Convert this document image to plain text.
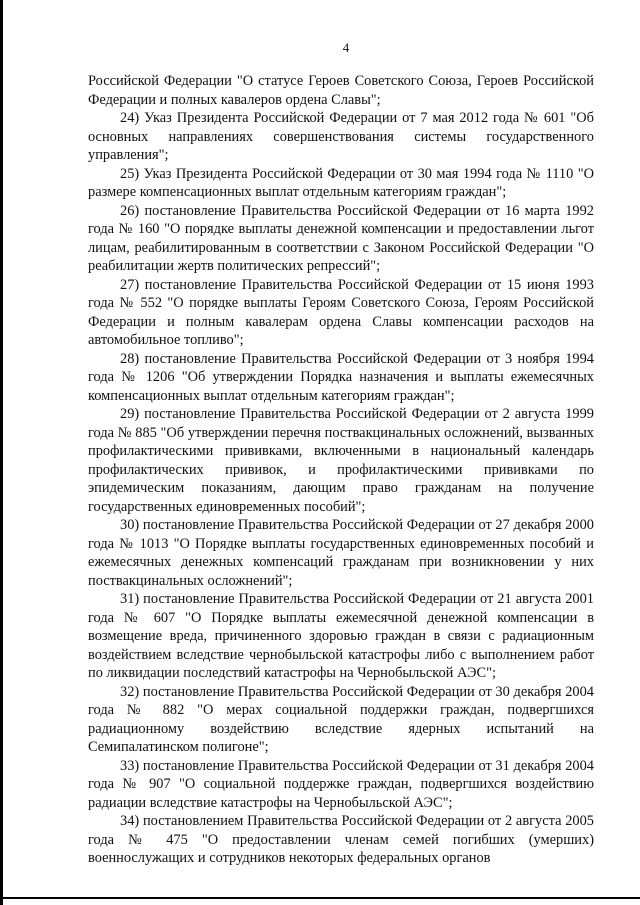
4

Российской Федерации "О статусе Героев Советского Союза, Героев Российской Федерации и полных кавалеров ордена Славы";

24) Указ Президента Российской Федерации от 7 мая 2012 года № 601 "Об основных направлениях совершенствования системы государственного управления";

25) Указ Президента Российской Федерации от 30 мая 1994 года № 1110 "О размере компенсационных выплат отдельным категориям граждан";

26) постановление Правительства Российской Федерации от 16 марта 1992 года № 160 "О порядке выплаты денежной компенсации и предоставлении льгот лицам, реабилитированным в соответствии с Законом Российской Федерации "О реабилитации жертв политических репрессий";

27) постановление Правительства Российской Федерации от 15 июня 1993 года № 552 "О порядке выплаты Героям Советского Союза, Героям Российской Федерации и полным кавалерам ордена Славы компенсации расходов на автомобильное топливо";

28) постановление Правительства Российской Федерации от 3 ноября 1994 года № 1206 "Об утверждении Порядка назначения и выплаты ежемесячных компенсационных выплат отдельным категориям граждан";

29) постановление Правительства Российской Федерации от 2 августа 1999 года № 885 "Об утверждении перечня поствакцинальных осложнений, вызванных профилактическими прививками, включенными в национальный календарь профилактических прививок, и профилактическими прививками по эпидемическим показаниям, дающим право гражданам на получение государственных единовременных пособий";

30) постановление Правительства Российской Федерации от 27 декабря 2000 года № 1013 "О Порядке выплаты государственных единовременных пособий и ежемесячных денежных компенсаций гражданам при возникновении у них поствакцинальных осложнений";

31) постановление Правительства Российской Федерации от 21 августа 2001 года № 607 "О Порядке выплаты ежемесячной денежной компенсации в возмещение вреда, причиненного здоровью граждан в связи с радиационным воздействием вследствие чернобыльской катастрофы либо с выполнением работ по ликвидации последствий катастрофы на Чернобыльской АЭС";

32) постановление Правительства Российской Федерации от 30 декабря 2004 года № 882 "О мерах социальной поддержки граждан, подвергшихся радиационному воздействию вследствие ядерных испытаний на Семипалатинском полигоне";

33) постановление Правительства Российской Федерации от 31 декабря 2004 года № 907 "О социальной поддержке граждан, подвергшихся воздействию радиации вследствие катастрофы на Чернобыльской АЭС";

34) постановлением Правительства Российской Федерации от 2 августа 2005 года № 475 "О предоставлении членам семей погибших (умерших) военнослужащих и сотрудников некоторых федеральных органов
